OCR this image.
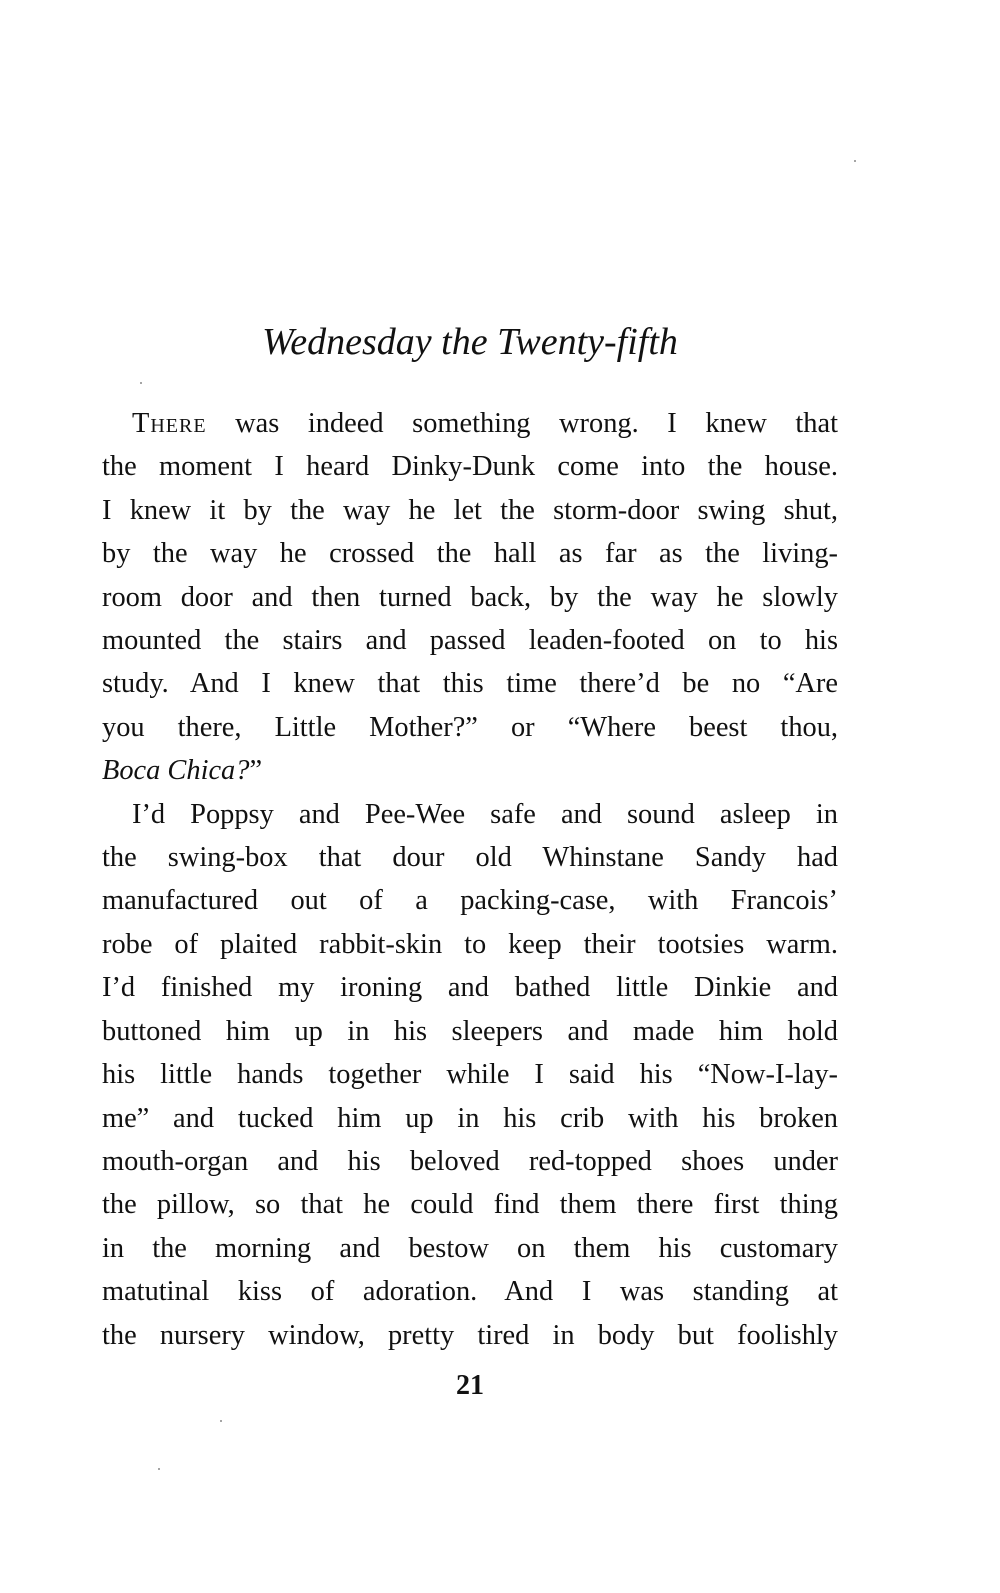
Wednesday the Twenty-fifth
There was indeed something wrong. I knew that
the moment I heard Dinky-Dunk come into the house.
I knew it by the way he let the storm-door swing shut,
by the way he crossed the hall as far as the living-
room door and then turned back, by the way he slowly
mounted the stairs and passed leaden-footed on to his
study. And I knew that this time there’d be no “Are
you there, Little Mother?” or “Where beest thou,
Boca Chica?”
I’d Poppsy and Pee-Wee safe and sound asleep in
the swing-box that dour old Whinstane Sandy had
manufactured out of a packing-case, with Francois’
robe of plaited rabbit-skin to keep their tootsies warm.
I’d finished my ironing and bathed little Dinkie and
buttoned him up in his sleepers and made him hold
his little hands together while I said his “Now-I-lay-
me” and tucked him up in his crib with his broken
mouth-organ and his beloved red-topped shoes under
the pillow, so that he could find them there first thing
in the morning and bestow on them his customary
matutinal kiss of adoration. And I was standing at
the nursery window, pretty tired in body but foolishly
21
